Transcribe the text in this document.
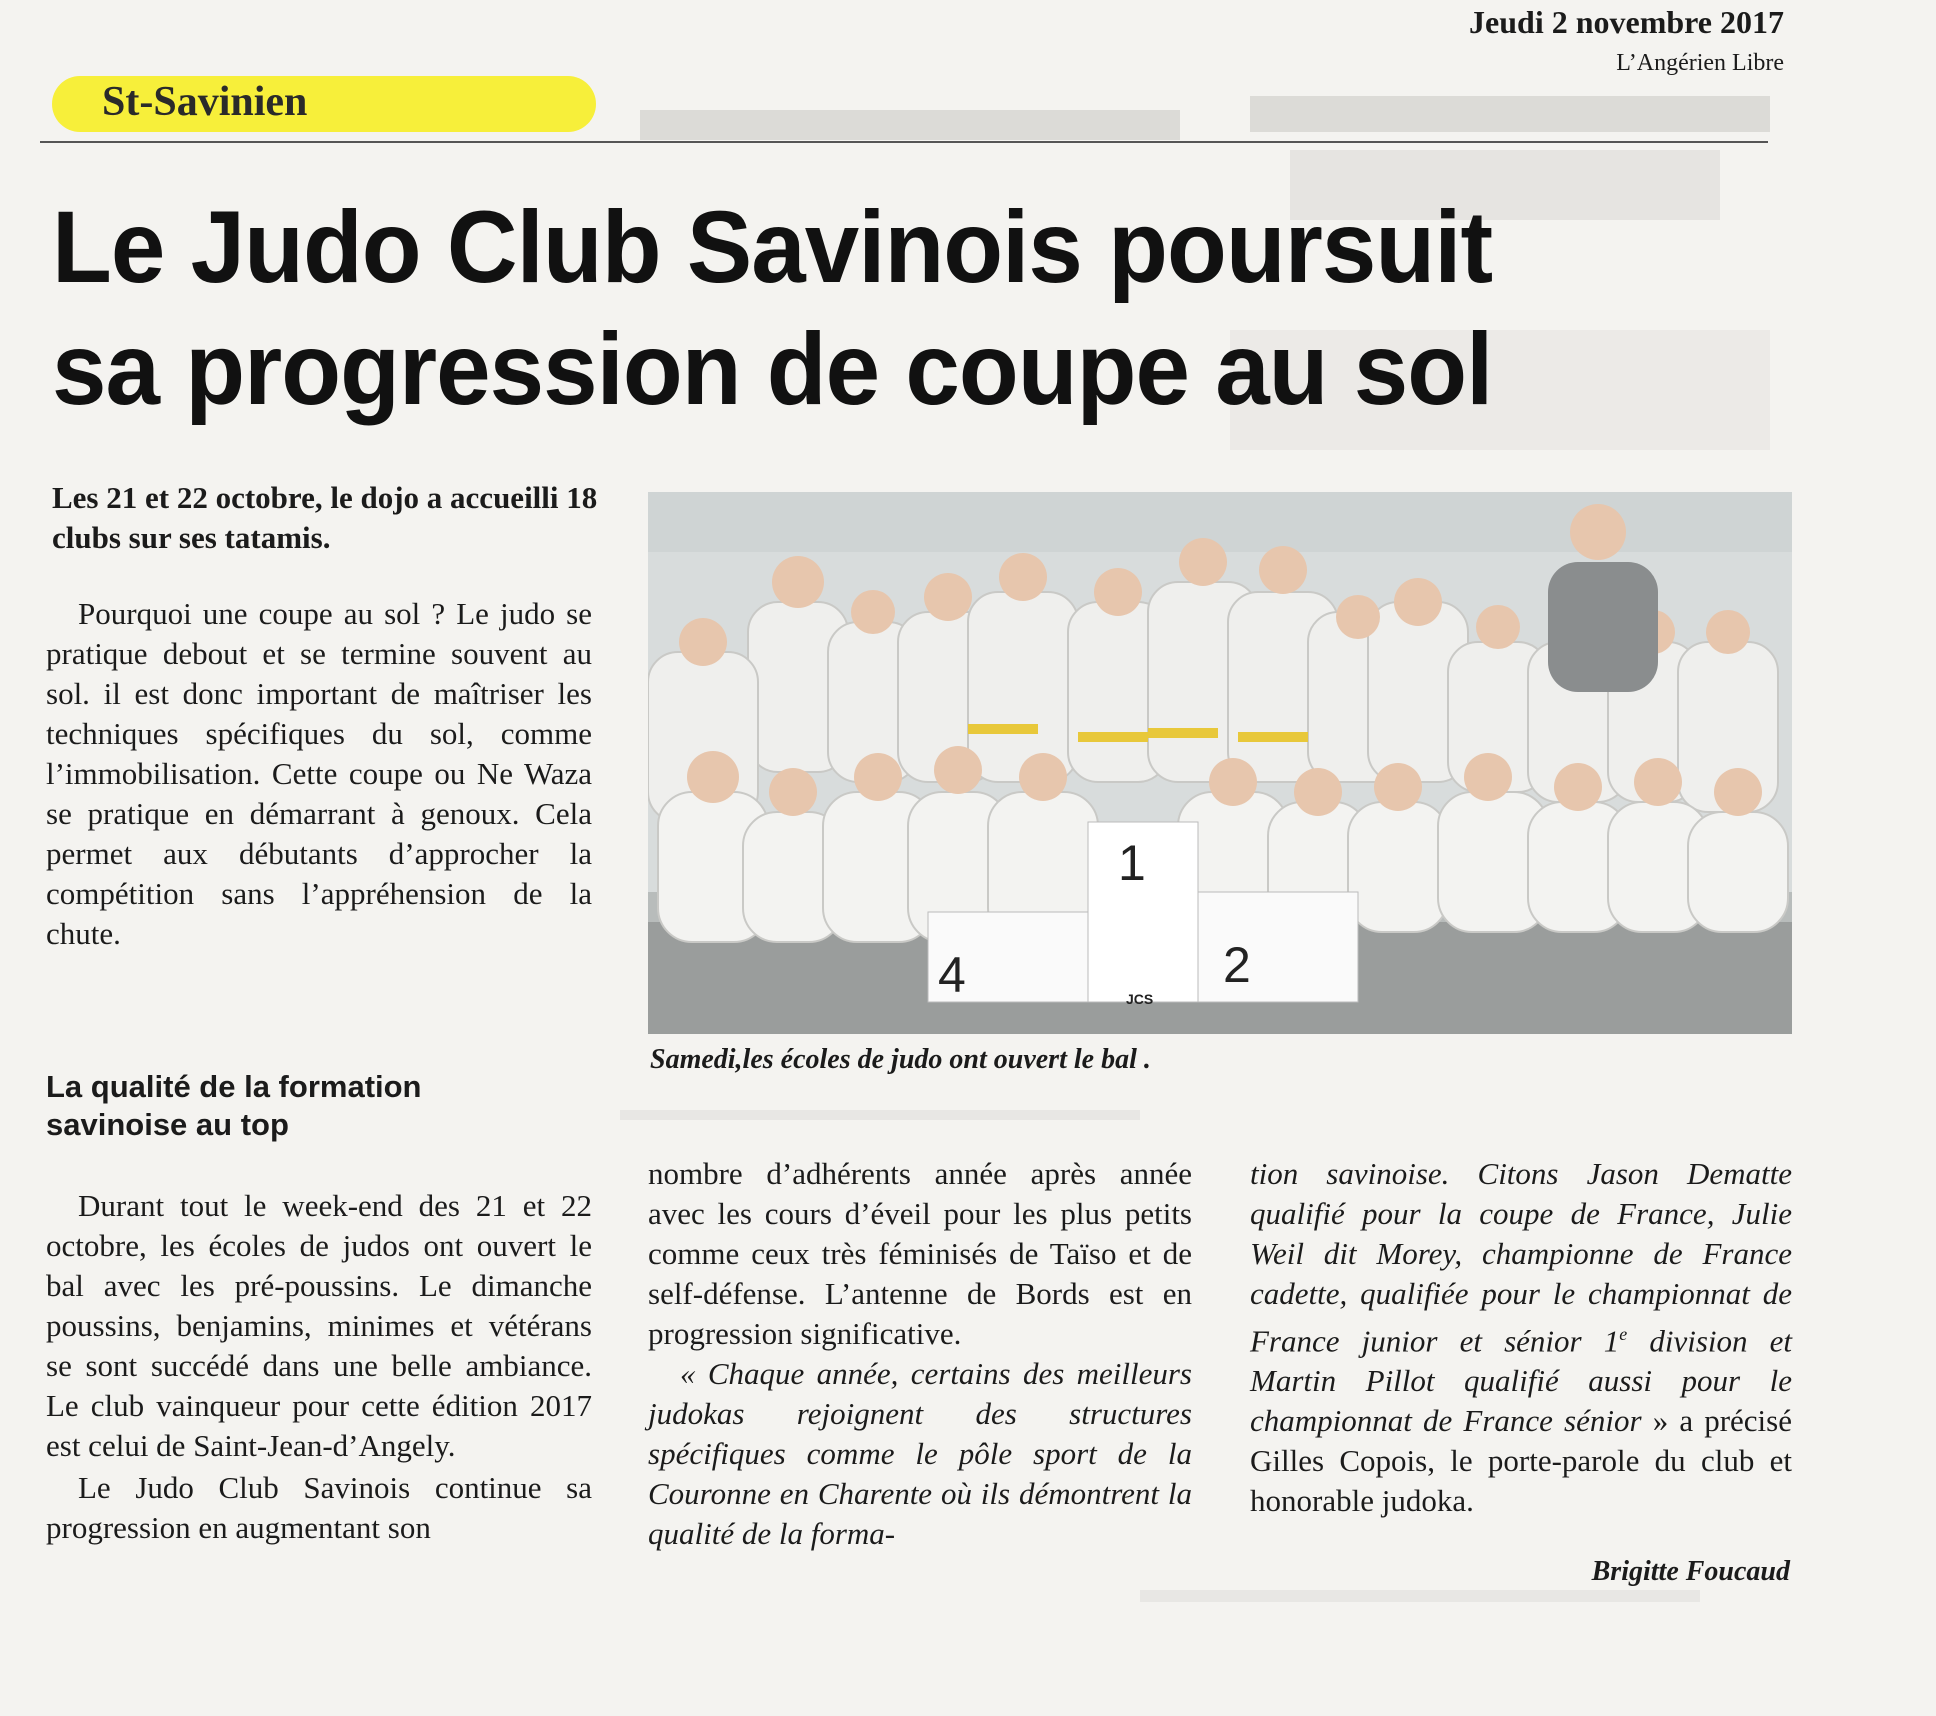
Jeudi 2 novembre 2017
L’Angérien Libre
St-Savinien
Le Judo Club Savinois poursuit
sa progression de coupe au sol
Les 21 et 22 octobre, le dojo a accueilli 18 clubs sur ses tatamis.

Pourquoi une coupe au sol ? Le judo se pratique debout et se termine souvent au sol. il est donc important de maîtriser les techniques spécifiques du sol, comme l’immobilisation. Cette coupe ou Ne Waza se pratique en démarrant à genoux. Cela permet aux débutants d’approcher la compétition sans l’appréhension de la chute.

La qualité de la formation savinoise au top

Durant tout le week-end des 21 et 22 octobre, les écoles de judos ont ouvert le bal avec les pré-poussins. Le dimanche poussins, benjamins, minimes et vétérans se sont succédé dans une belle ambiance. Le club vainqueur pour cette édition 2017 est celui de Saint-Jean-d’Angely.

Le Judo Club Savinois continue sa progression en augmentant son

1
2
4	JCS
Samedi,les écoles de judo ont ouvert le bal .

nombre d’adhérents année après année avec les cours d’éveil pour les plus petits comme ceux très féminisés de Taïso et de self-défense. L’antenne de Bords est en progression significative.

« Chaque année, certains des meilleurs judokas rejoignent des structures spécifiques comme le pôle sport de la Couronne en Charente où ils démontrent la qualité de la forma-

tion savinoise. Citons Jason Dematte qualifié pour la coupe de France, Julie Weil dit Morey, championne de France cadette, qualifiée pour le championnat de France junior et sénior 1e division et Martin Pillot qualifié aussi pour le championnat de France sénior » a précisé Gilles Copois, le porte-parole du club et honorable judoka.

Brigitte Foucaud
